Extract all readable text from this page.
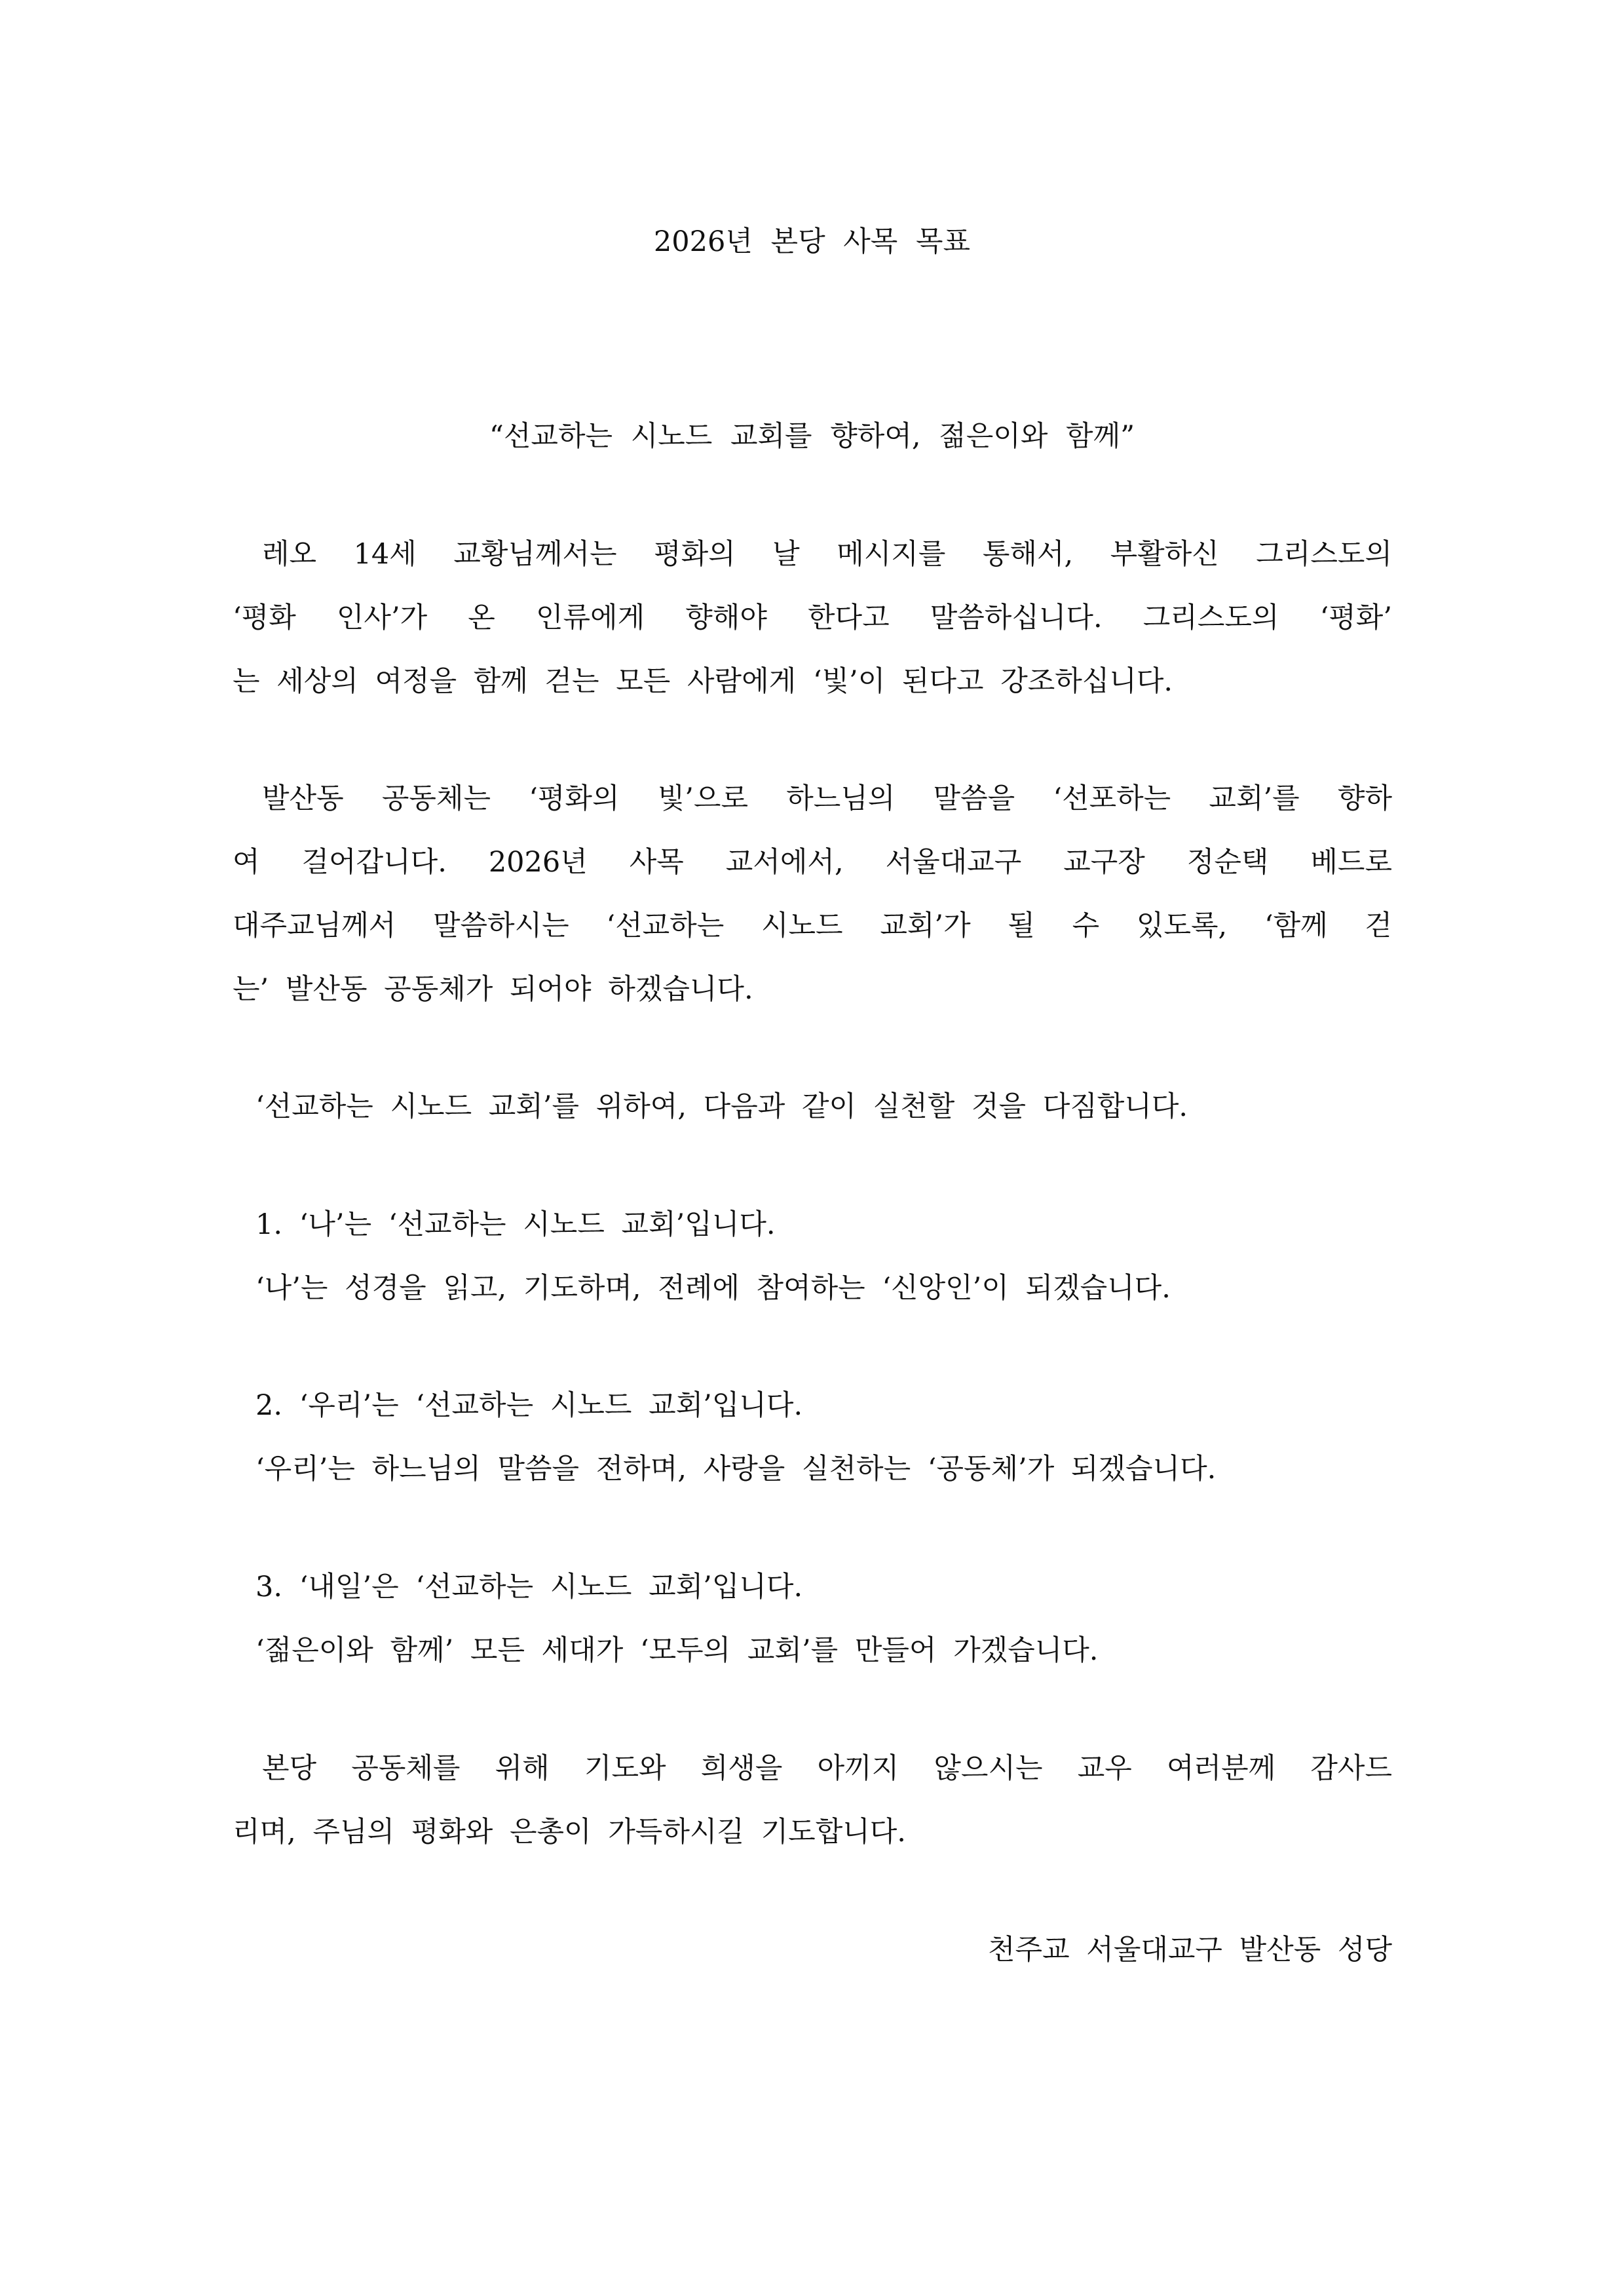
2026년 본당 사목 목표
“선교하는 시노드 교회를 향하여, 젊은이와 함께”
레오 14세 교황님께서는 평화의 날 메시지를 통해서, 부활하신 그리스도의
‘평화 인사’가 온 인류에게 향해야 한다고 말씀하십니다. 그리스도의 ‘평화’
는 세상의 여정을 함께 걷는 모든 사람에게 ‘빛’이 된다고 강조하십니다.
발산동 공동체는 ‘평화의 빛’으로 하느님의 말씀을 ‘선포하는 교회’를 향하
여 걸어갑니다. 2026년 사목 교서에서, 서울대교구 교구장 정순택 베드로
대주교님께서 말씀하시는 ‘선교하는 시노드 교회’가 될 수 있도록, ‘함께 걷
는’ 발산동 공동체가 되어야 하겠습니다.
‘선교하는 시노드 교회’를 위하여, 다음과 같이 실천할 것을 다짐합니다.
1. ‘나’는 ‘선교하는 시노드 교회’입니다.
‘나’는 성경을 읽고, 기도하며, 전례에 참여하는 ‘신앙인’이 되겠습니다.
2. ‘우리’는 ‘선교하는 시노드 교회’입니다.
‘우리’는 하느님의 말씀을 전하며, 사랑을 실천하는 ‘공동체’가 되겠습니다.
3. ‘내일’은 ‘선교하는 시노드 교회’입니다.
‘젊은이와 함께’ 모든 세대가 ‘모두의 교회’를 만들어 가겠습니다.
본당 공동체를 위해 기도와 희생을 아끼지 않으시는 교우 여러분께 감사드
리며, 주님의 평화와 은총이 가득하시길 기도합니다.
천주교 서울대교구 발산동 성당
